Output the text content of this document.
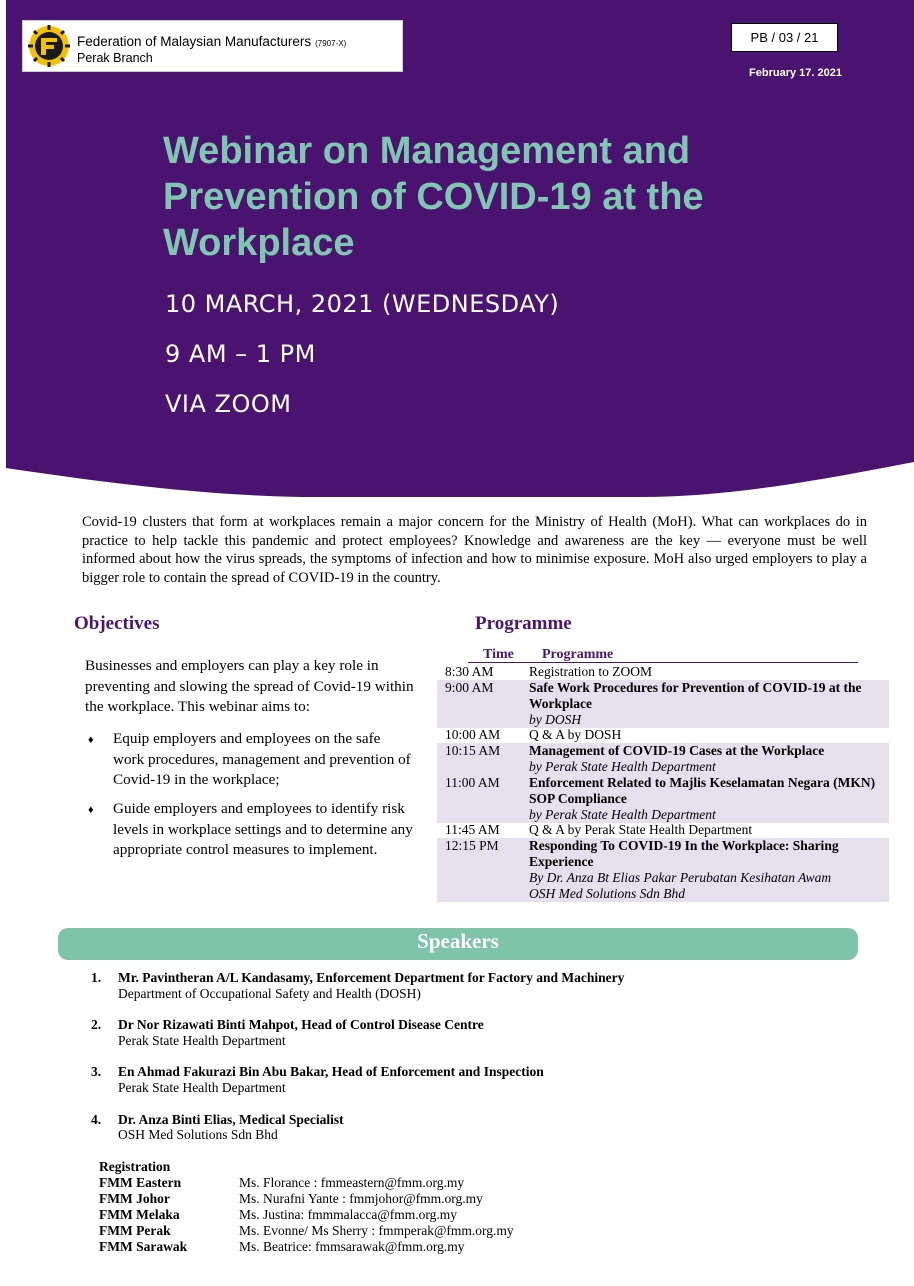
Federation of Malaysian Manufacturers (7907-X)
Perak Branch
PB / 03 / 21
February 17. 2021
Webinar on Management and Prevention of COVID-19 at the Workplace
10 MARCH, 2021 (WEDNESDAY)
9 AM – 1 PM
VIA ZOOM
Covid-19 clusters that form at workplaces remain a major concern for the Ministry of Health (MoH). What can workplaces do in practice to help tackle this pandemic and protect employees? Knowledge and awareness are the key — everyone must be well informed about how the virus spreads, the symptoms of infection and how to minimise exposure. MoH also urged employers to play a bigger role to contain the spread of COVID-19 in the country.
Objectives
Businesses and employers can play a key role in preventing and slowing the spread of Covid-19 within the workplace. This webinar aims to:
♦ Equip employers and employees on the safe work procedures, management and prevention of Covid-19 in the workplace;
♦ Guide employers and employees to identify risk levels in workplace settings and to determine any appropriate control measures to implement.
Programme
Time Programme
8:30 AM	Registration to ZOOM
9:00 AM	Safe Work Procedures for Prevention of COVID-19 at the Workplace
by DOSH
10:00 AM Q & A by DOSH
10:15 AM Management of COVID-19 Cases at the Workplace
by Perak State Health Department
11:00 AM Enforcement Related to Majlis Keselamatan Negara (MKN) SOP Compliance
by Perak State Health Department
11:45 AM Q & A by Perak State Health Department
12:15 PM Responding To COVID-19 In the Workplace: Sharing Experience
By Dr. Anza Bt Elias Pakar Perubatan Kesihatan Awam
OSH Med Solutions Sdn Bhd
Speakers
1. Mr. Pavintheran A/L Kandasamy, Enforcement Department for Factory and Machinery
Department of Occupational Safety and Health (DOSH)
2. Dr Nor Rizawati Binti Mahpot, Head of Control Disease Centre
Perak State Health Department
3. En Ahmad Fakurazi Bin Abu Bakar, Head of Enforcement and Inspection
Perak State Health Department
4. Dr. Anza Binti Elias, Medical Specialist
OSH Med Solutions Sdn Bhd
Registration
FMM Eastern	Ms. Florance : fmmeastern@fmm.org.my
FMM Johor	Ms. Nurafni Yante : fmmjohor@fmm.org.my
FMM Melaka	Ms. Justina: fmmmalacca@fmm.org.my
FMM Perak	Ms. Evonne/ Ms Sherry : fmmperak@fmm.org.my
FMM Sarawak	Ms. Beatrice: fmmsarawak@fmm.org.my
